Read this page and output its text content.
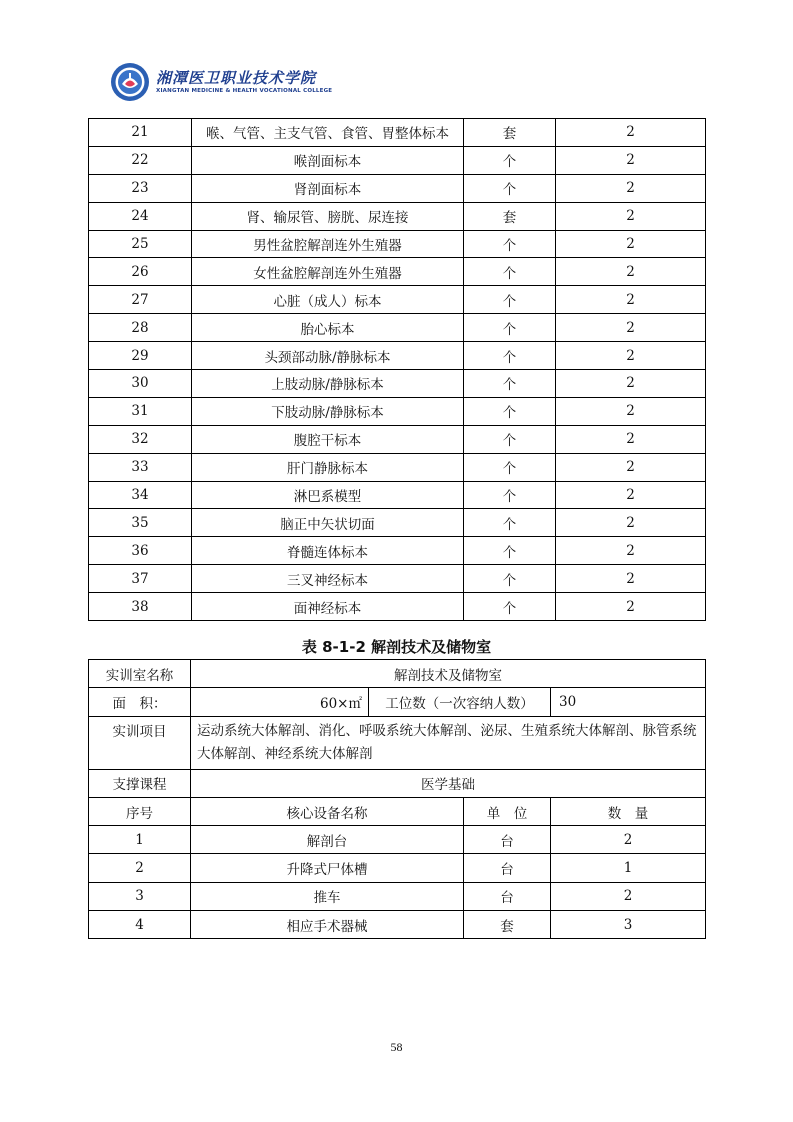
湘潭医卫职业技术学院
XIANGTAN MEDICINE & HEALTH VOCATIONAL COLLEGE
21	喉、气管、主支气管、食管、胃整体标本	套	2
22	喉剖面标本	个	2
23	肾剖面标本	个	2
24	肾、输尿管、膀胱、尿连接	套	2
25	男性盆腔解剖连外生殖器	个	2
26	女性盆腔解剖连外生殖器	个	2
27	心脏（成人）标本	个	2
28	胎心标本	个	2
29	头颈部动脉/静脉标本	个	2
30	上肢动脉/静脉标本	个	2
31	下肢动脉/静脉标本	个	2
32	腹腔干标本	个	2
33	肝门静脉标本	个	2
34	淋巴系模型	个	2
35	脑正中矢状切面	个	2
36	脊髓连体标本	个	2
37	三叉神经标本	个	2
38	面神经标本	个	2
表 8-1-2 解剖技术及储物室
实训室名称	解剖技术及储物室			
面　积：	60×㎡	工位数（一次容纳人数）		30
实训项目	运动系统大体解剖、消化、呼吸系统大体解剖、泌尿、生殖系统大体解剖、脉管系统大体解剖、神经系统大体解剖			
支撑课程	医学基础			
序号	核心设备名称		单　位	数　量
1	解剖台		台	2
2	升降式尸体槽		台	1
3	推车		台	2
4	相应手术器械		套	3
58
